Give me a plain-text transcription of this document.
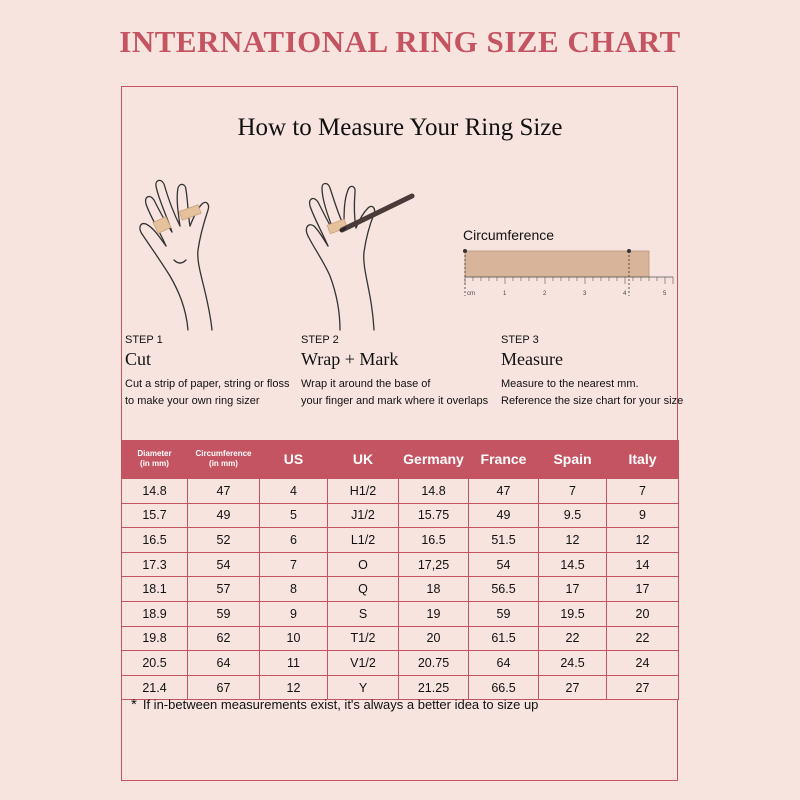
INTERNATIONAL RING SIZE CHART
How to Measure Your Ring Size
Circumference
cm	1	2	3	4	5
STEP 1
Cut
Cut a strip of paper, string or floss
to make your own ring sizer
STEP 2
Wrap + Mark
Wrap it around the base of
your finger and mark where it overlaps
STEP 3
Measure
Measure to the nearest mm.
Reference the size chart for your size
Diameter
(in mm)	Circumference
(in mm)	US	UK	Germany	France	Spain	Italy
14.8	47	4	H1/2	14.8	47	7	7
15.7	49	5	J1/2	15.75	49	9.5	9
16.5	52	6	L1/2	16.5	51.5	12	12
17.3	54	7	O	17,25	54	14.5	14
18.1	57	8	Q	18	56.5	17	17
18.9	59	9	S	19	59	19.5	20
19.8	62	10	T1/2	20	61.5	22	22
20.5	64	11	V1/2	20.75	64	24.5	24
21.4	67	12	Y	21.25	66.5	27	27
* If in-between measurements exist, it's always a better idea to size up
